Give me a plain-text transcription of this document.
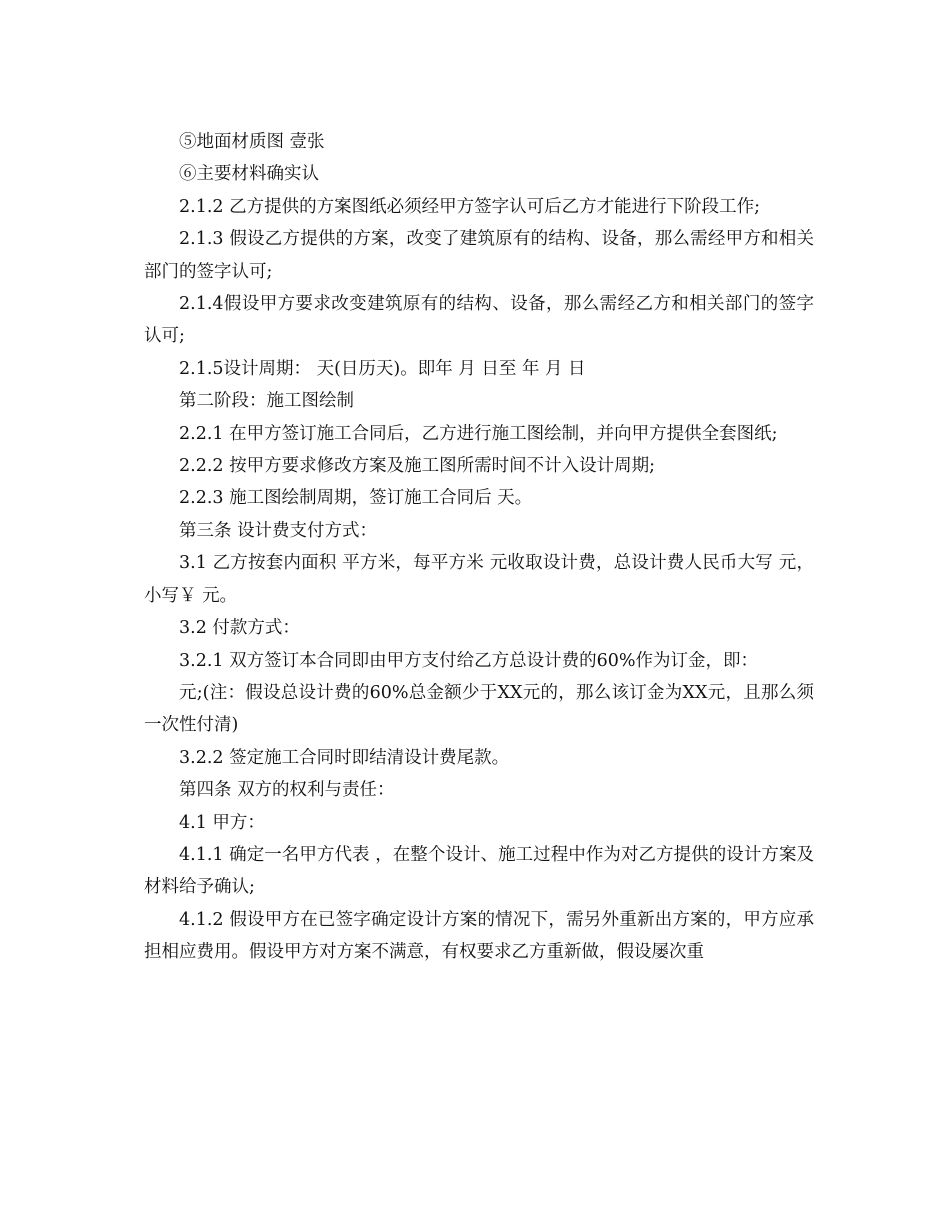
⑤地面材质图 壹张

⑥主要材料确实认

2.1.2 乙方提供的方案图纸必须经甲方签字认可后乙方才能进行下阶段工作;

2.1.3 假设乙方提供的方案，改变了建筑原有的结构、设备，那么需经甲方和相关部门的签字认可;

2.1.4假设甲方要求改变建筑原有的结构、设备，那么需经乙方和相关部门的签字认可;

2.1.5设计周期： 天(日历天)。即年 月 日至 年 月 日

第二阶段：施工图绘制

2.2.1 在甲方签订施工合同后，乙方进行施工图绘制，并向甲方提供全套图纸;

2.2.2 按甲方要求修改方案及施工图所需时间不计入设计周期;

2.2.3 施工图绘制周期，签订施工合同后 天。

第三条 设计费支付方式：

3.1 乙方按套内面积 平方米，每平方米 元收取设计费，总设计费人民币大写 元，小写￥ 元。

3.2 付款方式：

3.2.1 双方签订本合同即由甲方支付给乙方总设计费的60%作为订金，即：

元;(注：假设总设计费的60%总金额少于XX元的，那么该订金为XX元，且那么须一次性付清)

3.2.2 签定施工合同时即结清设计费尾款。

第四条 双方的权利与责任：

4.1 甲方：

4.1.1 确定一名甲方代表 ，在整个设计、施工过程中作为对乙方提供的设计方案及材料给予确认;

4.1.2 假设甲方在已签字确定设计方案的情况下，需另外重新出方案的，甲方应承担相应费用。假设甲方对方案不满意，有权要求乙方重新做，假设屡次重
